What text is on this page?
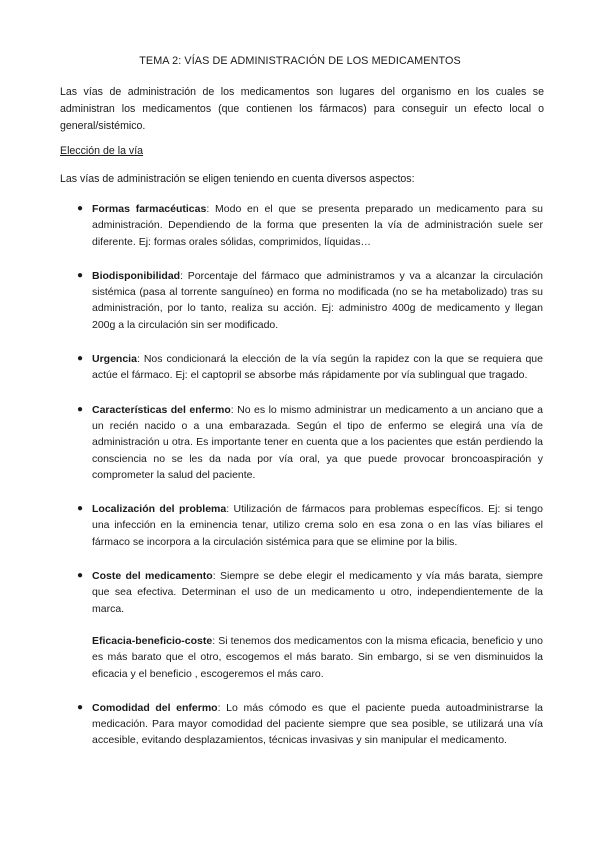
TEMA 2: VÍAS DE ADMINISTRACIÓN DE LOS MEDICAMENTOS
Las vías de administración de los medicamentos son lugares del organismo en los cuales se administran los medicamentos (que contienen los fármacos) para conseguir un efecto local o general/sistémico.
Elección de la vía
Las vías de administración se eligen teniendo en cuenta diversos aspectos:
● Formas farmacéuticas: Modo en el que se presenta preparado un medicamento para su administración. Dependiendo de la forma que presenten la vía de administración suele ser diferente. Ej: formas orales sólidas, comprimidos, líquidas…
● Biodisponibilidad: Porcentaje del fármaco que administramos y va a alcanzar la circulación sistémica (pasa al torrente sanguíneo) en forma no modificada (no se ha metabolizado) tras su administración, por lo tanto, realiza su acción. Ej: administro 400g de medicamento y llegan 200g a la circulación sin ser modificado.
● Urgencia: Nos condicionará la elección de la vía según la rapidez con la que se requiera que actúe el fármaco. Ej: el captopril se absorbe más rápidamente por vía sublingual que tragado.
● Características del enfermo: No es lo mismo administrar un medicamento a un anciano que a un recién nacido o a una embarazada. Según el tipo de enfermo se elegirá una vía de administración u otra. Es importante tener en cuenta que a los pacientes que están perdiendo la consciencia no se les da nada por vía oral, ya que puede provocar broncoaspiración y comprometer la salud del paciente.
● Localización del problema: Utilización de fármacos para problemas específicos. Ej: si tengo una infección en la eminencia tenar, utilizo crema solo en esa zona o en las vías biliares el fármaco se incorpora a la circulación sistémica para que se elimine por la bilis.
● Coste del medicamento: Siempre se debe elegir el medicamento y vía más barata, siempre que sea efectiva. Determinan el uso de un medicamento u otro, independientemente de la marca.
Eficacia-beneficio-coste: Si tenemos dos medicamentos con la misma eficacia, beneficio y uno es más barato que el otro, escogemos el más barato. Sin embargo, si se ven disminuidos la eficacia y el beneficio , escogeremos el más caro.
● Comodidad del enfermo: Lo más cómodo es que el paciente pueda autoadministrarse la medicación. Para mayor comodidad del paciente siempre que sea posible, se utilizará una vía accesible, evitando desplazamientos, técnicas invasivas y sin manipular el medicamento.
